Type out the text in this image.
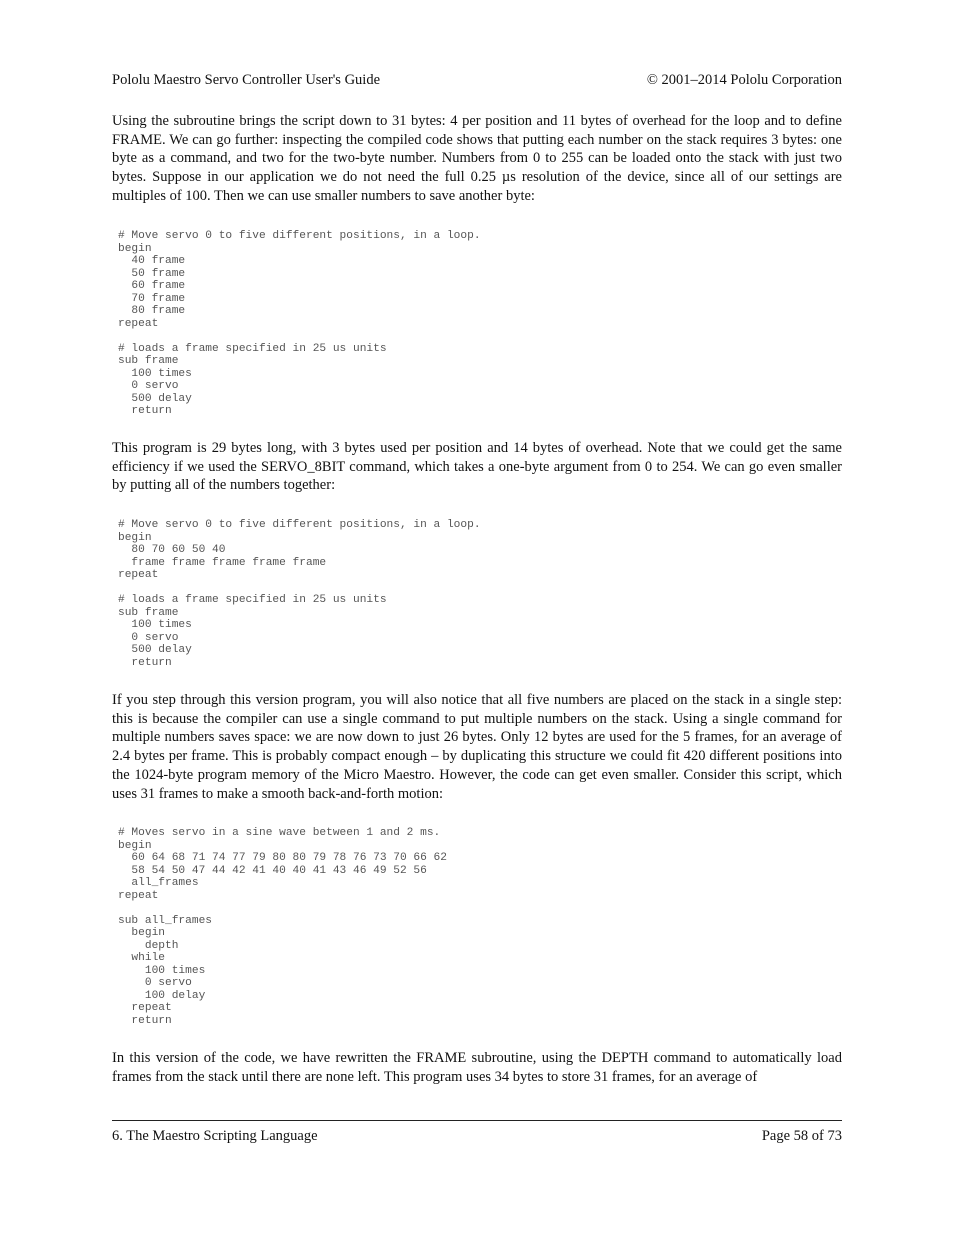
Pololu Maestro Servo Controller User's Guide	© 2001–2014 Pololu Corporation

Using the subroutine brings the script down to 31 bytes: 4 per position and 11 bytes of overhead for the loop and to define FRAME. We can go further: inspecting the compiled code shows that putting each number on the stack requires 3 bytes: one byte as a command, and two for the two-byte number. Numbers from 0 to 255 can be loaded onto the stack with just two bytes. Suppose in our application we do not need the full 0.25 µs resolution of the device, since all of our settings are multiples of 100. Then we can use smaller numbers to save another byte:

# Move servo 0 to five different positions, in a loop.
begin
40 frame
50 frame
60 frame
70 frame
80 frame
repeat

# loads a frame specified in 25 us units
sub frame
100 times
0 servo
500 delay
return

This program is 29 bytes long, with 3 bytes used per position and 14 bytes of overhead. Note that we could get the same efficiency if we used the SERVO_8BIT command, which takes a one-byte argument from 0 to 254. We can go even smaller by putting all of the numbers together:

# Move servo 0 to five different positions, in a loop.
begin
80 70 60 50 40
frame frame frame frame frame
repeat

# loads a frame specified in 25 us units
sub frame
100 times
0 servo
500 delay
return

If you step through this version program, you will also notice that all five numbers are placed on the stack in a single step: this is because the compiler can use a single command to put multiple numbers on the stack. Using a single command for multiple numbers saves space: we are now down to just 26 bytes. Only 12 bytes are used for the 5 frames, for an average of 2.4 bytes per frame. This is probably compact enough – by duplicating this structure we could fit 420 different positions into the 1024-byte program memory of the Micro Maestro. However, the code can get even smaller. Consider this script, which uses 31 frames to make a smooth back-and-forth motion:

# Moves servo in a sine wave between 1 and 2 ms.
begin
60 64 68 71 74 77 79 80 80 79 78 76 73 70 66 62
58 54 50 47 44 42 41 40 40 41 43 46 49 52 56
all_frames
repeat

sub all_frames
begin
depth
while
100 times
0 servo
100 delay
repeat
return

In this version of the code, we have rewritten the FRAME subroutine, using the DEPTH command to automatically load frames from the stack until there are none left. This program uses 34 bytes to store 31 frames, for an average of

6. The Maestro Scripting Language	Page 58 of 73
